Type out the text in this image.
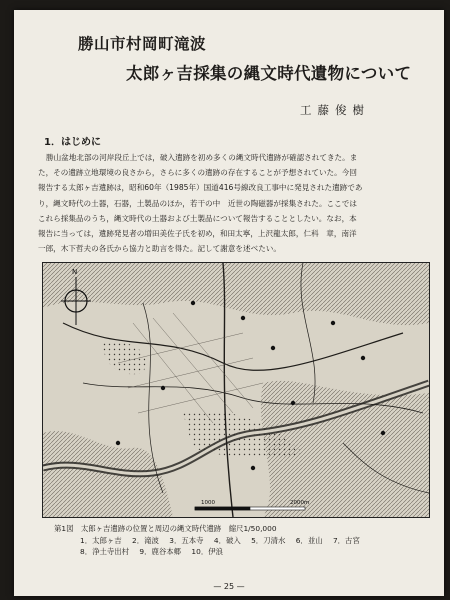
勝山市村岡町滝波
太郎ヶ吉採集の縄文時代遺物について
工藤俊樹
1．はじめに
勝山盆地北部の河岸段丘上では，破入遺跡を初め多くの縄文時代遺跡が確認されてきた。ま
た，その遺跡立地環境の良さから，さらに多くの遺跡の存在することが予想されていた。今回
報告する太郎ヶ吉遺跡は，昭和60年（1985年）国道416号線改良工事中に発見された遺跡であ
り，縄文時代の土器，石器，土製品のほか，若干の中　近世の陶磁器が採集された。ここでは
これら採集品のうち，縄文時代の土器および土製品について報告することとしたい。なお，本
報告に当っては，遺跡発見者の増田美佐子氏を初め，和田太寧，上沢龍太郎，仁科　章，南洋
一郎，木下哲夫の各氏から協力と助言を得た。記して謝意を述べたい。
N
1000	2000m
第1図　太郎ヶ吉遺跡の位置と周辺の縄文時代遺跡　縮尺1/50,000
1．太郎ヶ吉 2．滝波 3．五本寺 4．破入 5．刀清水 6．並山 7．古宮
8．浄土寺出村 9．鹿谷本郷 10．伊浪
— 25 —
